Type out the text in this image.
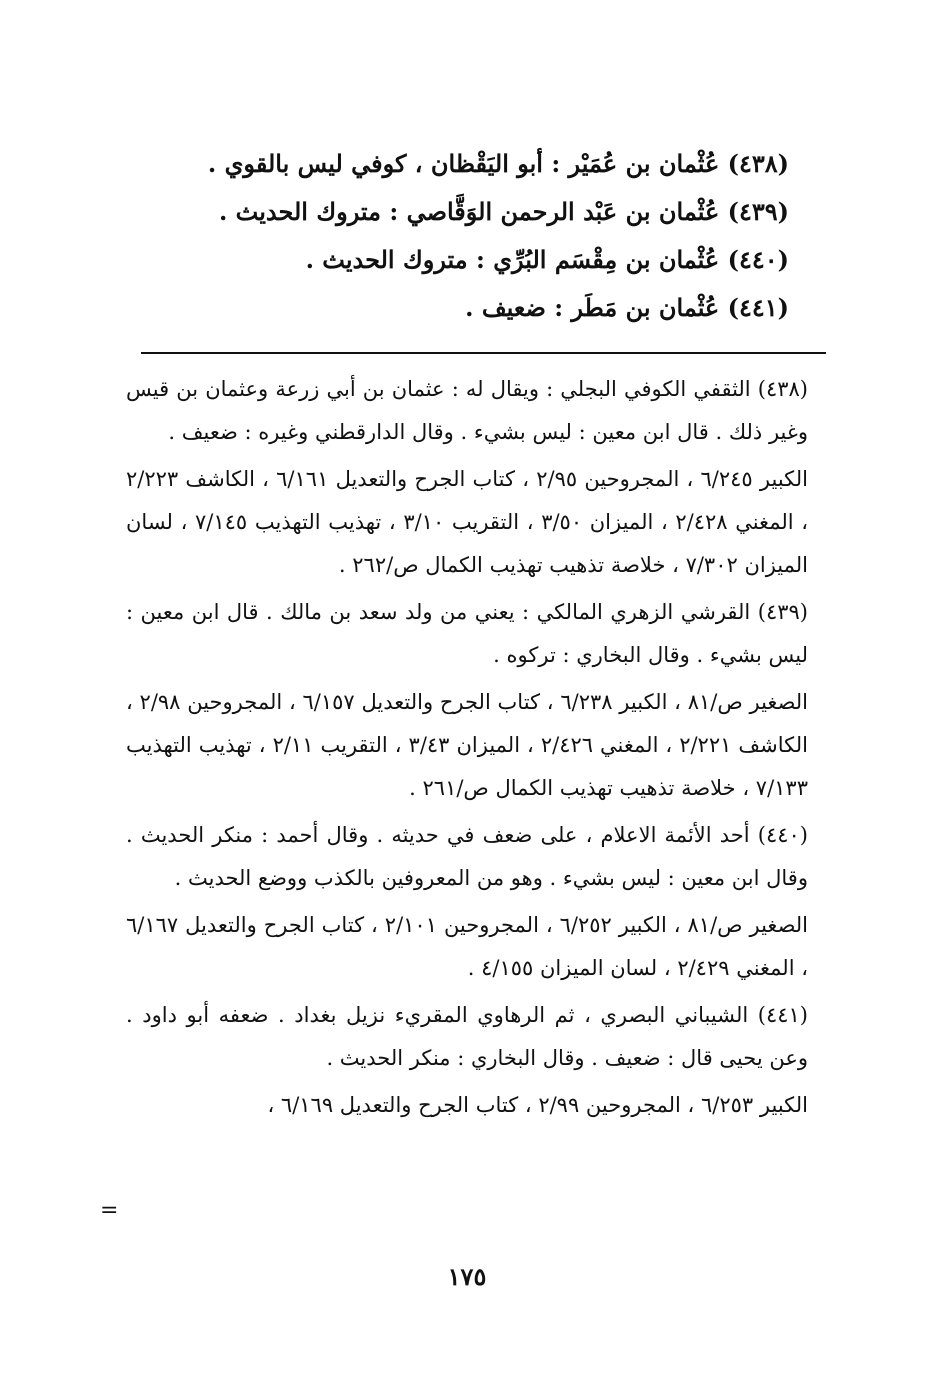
(٤٣٨) عُثْمان بن عُمَيْر : أبو اليَقْظان ، كوفي ليس بالقوي .
(٤٣٩) عُثْمان بن عَبْد الرحمن الوَقَّاصي : متروك الحديث .
(٤٤٠) عُثْمان بن مِقْسَم البُرِّي : متروك الحديث .
(٤٤١) عُثْمان بن مَطَر : ضعيف .

(٤٣٨) الثقفي الكوفي البجلي : ويقال له : عثمان بن أبي زرعة وعثمان بن قيس وغير ذلك . قال ابن معين : ليس بشيء . وقال الدارقطني وغيره : ضعيف .

الكبير ٦/٢٤٥ ، المجروحين ٢/٩٥ ، كتاب الجرح والتعديل ٦/١٦١ ، الكاشف ٢/٢٢٣ ، المغني ٢/٤٢٨ ، الميزان ٣/٥٠ ، التقريب ٣/١٠ ، تهذيب التهذيب ٧/١٤٥ ، لسان الميزان ٧/٣٠٢ ، خلاصة تذهيب تهذيب الكمال ص/٢٦٢ .

(٤٣٩) القرشي الزهري المالكي : يعني من ولد سعد بن مالك . قال ابن معين : ليس بشيء . وقال البخاري : تركوه .

الصغير ص/٨١ ، الكبير ٦/٢٣٨ ، كتاب الجرح والتعديل ٦/١٥٧ ، المجروحين ٢/٩٨ ، الكاشف ٢/٢٢١ ، المغني ٢/٤٢٦ ، الميزان ٣/٤٣ ، التقريب ٢/١١ ، تهذيب التهذيب ٧/١٣٣ ، خلاصة تذهيب تهذيب الكمال ص/٢٦١ .

(٤٤٠) أحد الأئمة الاعلام ، على ضعف في حديثه . وقال أحمد : منكر الحديث . وقال ابن معين : ليس بشيء . وهو من المعروفين بالكذب ووضع الحديث .

الصغير ص/٨١ ، الكبير ٦/٢٥٢ ، المجروحين ٢/١٠١ ، كتاب الجرح والتعديل ٦/١٦٧ ، المغني ٢/٤٢٩ ، لسان الميزان ٤/١٥٥ .

(٤٤١) الشيباني البصري ، ثم الرهاوي المقريء نزيل بغداد . ضعفه أبو داود . وعن يحيى قال : ضعيف . وقال البخاري : منكر الحديث .

الكبير ٦/٢٥٣ ، المجروحين ٢/٩٩ ، كتاب الجرح والتعديل ٦/١٦٩ ،

=
١٧٥
